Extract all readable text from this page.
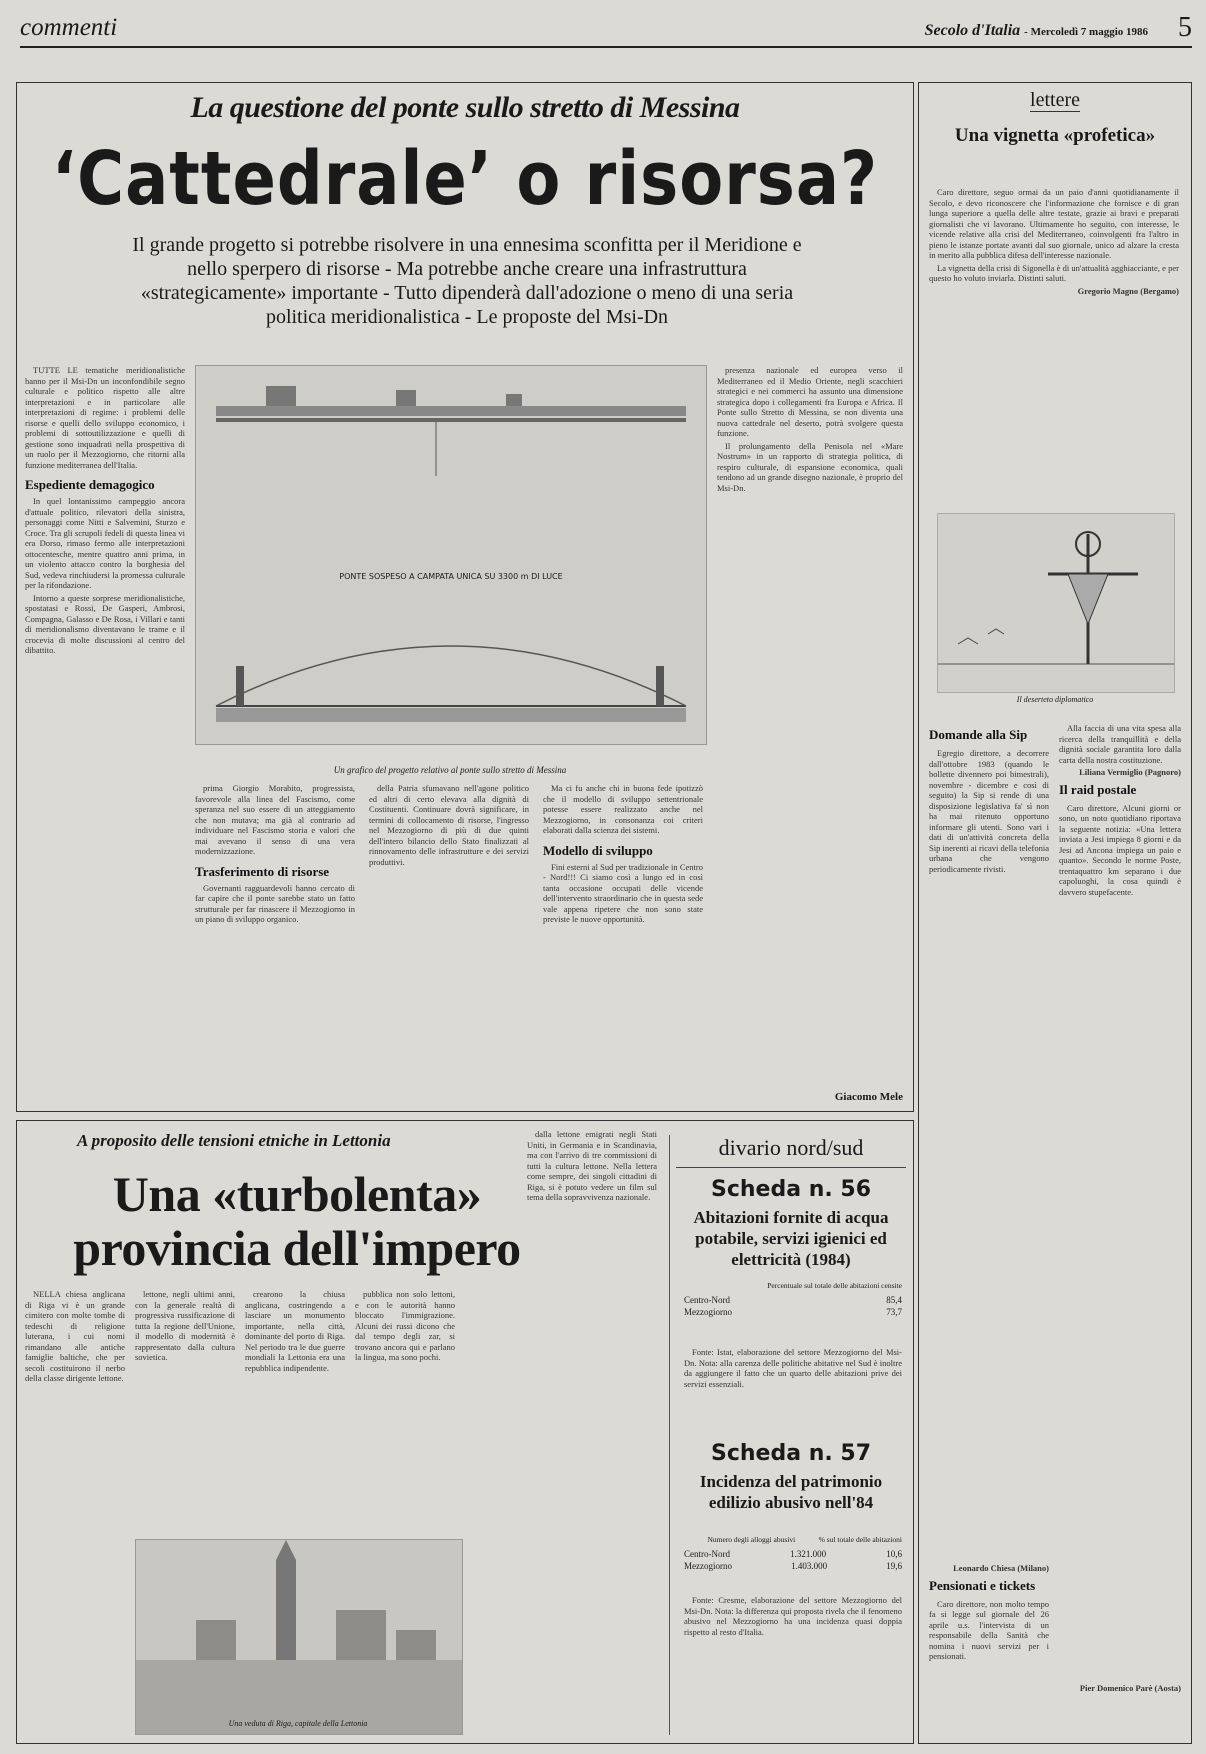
commenti	Secolo d'Italia - Mercoledì 7 maggio 1986 5
La questione del ponte sullo stretto di Messina
‘Cattedrale’ o risorsa?
Il grande progetto si potrebbe risolvere in una ennesima sconfitta per il Meridione e nello sperpero di risorse - Ma potrebbe anche creare una infrastruttura «strategicamente» importante - Tutto dipenderà dall'adozione o meno di una seria politica meridionalistica - Le proposte del Msi-Dn

TUTTE LE tematiche meridionalistiche hanno per il Msi-Dn un inconfondibile segno culturale e politico rispetto alle altre interpretazioni e in particolare alle interpretazioni di regime: i problemi delle risorse e quelli dello sviluppo economico, i problemi di sottoutilizzazione e quelli di gestione sono inquadrati nella prospettiva di un ruolo per il Mezzogiorno, che ritorni alla funzione mediterranea dell'Italia.

Espediente demagogico

In quel lontanissimo campeggio ancora d'attuale politico, rilevatori della sinistra, personaggi come Nitti e Salvemini, Sturzo e Croce. Tra gli scrupoli fedeli di questa linea vi era Dorso, rimaso fermo alle interpretazioni ottocentesche, mentre quattro anni prima, in un violento attacco contro la borghesia del Sud, vedeva rinchiudersi la promessa culturale per la rifondazione.

Intorno a queste sorprese meridionalistiche, spostatasi e Rossi, De Gasperi, Ambrosi, Compagna, Galasso e De Rosa, i Villari e tanti di meridionalismo diventavano le trame e il crocevia di molte discussioni al centro del dibattito.

PONTE SOSPESO A CAMPATA UNICA SU 3300 m DI LUCE
Un grafico del progetto relativo al ponte sullo stretto di Messina

prima Giorgio Morabito, progressista, favorevole alla linea del Fascismo, come speranza nel suo essere di un atteggiamento che non mutava; ma già al contrario ad individuare nel Fascismo storia e valori che mai avevano il senso di una vera modernizzazione.

Trasferimento di risorse

Governanti ragguardevoli hanno cercato di far capire che il ponte sarebbe stato un fatto strutturale per far rinascere il Mezzogiorno in un piano di sviluppo organico.

della Patria sfumavano nell'agone politico ed altri di certo elevava alla dignità di Costituenti. Continuare dovrà significare, in termini di collocamento di risorse, l'ingresso nel Mezzogiorno di più di due quinti dell'intero bilancio dello Stato finalizzati al rinnovamento delle infrastrutture e dei servizi produttivi.

Ma ci fu anche chi in buona fede ipotizzò che il modello di sviluppo settentrionale potesse essere realizzato anche nel Mezzogiorno, in consonanza coi criteri elaborati dalla scienza dei sistemi.

Modello di sviluppo

Fini esterni al Sud per tradizionale in Centro - Nord!!! Ci siamo così a lungo ed in così tanta occasione occupati delle vicende dell'intervento straordinario che in questa sede vale appena ripetere che non sono state previste le nuove opportunità.

presenza nazionale ed europea verso il Mediterraneo ed il Medio Oriente, negli scacchieri strategici e nei commerci ha assunto una dimensione strategica dopo i collegamenti fra Europa e Africa. Il Ponte sullo Stretto di Messina, se non diventa una nuova cattedrale nel deserto, potrà svolgere questa funzione.

Il prolungamento della Penisola nel «Mare Nostrum» in un rapporto di strategia politica, di respiro culturale, di espansione economica, quali tendono ad un grande disegno nazionale, è proprio del Msi-Dn.

Giacomo Mele
lettere
Una vignetta «profetica»

Caro direttore, seguo ormai da un paio d'anni quotidianamente il Secolo, e devo riconoscere che l'informazione che fornisce e di gran lunga superiore a quella delle altre testate, grazie ai bravi e preparati giornalisti che vi lavorano. Ultimamente ho seguito, con interesse, le vicende relative alla crisi del Mediterraneo, coinvolgenti fra l'altro in pieno le istanze portate avanti dal suo giornale, unico ad alzare la cresta in merito alla pubblica difesa dell'interesse nazionale.

La vignetta della crisi di Sigonella è di un'attualità agghiacciante, e per questo ho voluto inviarla. Distinti saluti.

Gregorio Magno (Bergamo)
Il deserteto diplomatico
Domande alla Sip

Egregio direttore, a decorrere dall'ottobre 1983 (quando le bollette divennero poi bimestrali), novembre - dicembre e così di seguito) la Sip si rende di una disposizione legislativa fa' sì non ha mai ritenuto opportuno informare gli utenti. Sono vari i dati di un'attività concreta della Sip inerenti ai ricavi della telefonia urbana che vengono periodicamente rivisti.

Alla faccia di una vita spesa alla ricerca della tranquillità e della dignità sociale garantita loro dalla carta della nostra costituzione.

Liliana Vermiglio (Pagnoro)
Il raid postale

Caro direttore, Alcuni giorni or sono, un noto quotidiano riportava la seguente notizia: «Una lettera inviata a Jesi impiega 8 giorni e da Jesi ad Ancona impiega un paio e quanto». Secondo le norme Poste, trentaquattro km separano i due capoluoghi, la cosa quindi è davvero stupefacente.

Leonardo Chiesa (Milano)
Pensionati e tickets

Caro direttore, non molto tempo fa si legge sul giornale del 26 aprile u.s. l'intervista di un responsabile della Sanità che nomina i nuovi servizi per i pensionati.

Pier Domenico Parè (Aosta)
A proposito delle tensioni etniche in Lettonia
Una «turbolenta» provincia dell'impero

NELLA chiesa anglicana di Riga vi è un grande cimitero con molte tombe di tedeschi di religione luterana, i cui nomi rimandano alle antiche famiglie baltiche, che per secoli costituirono il nerbo della classe dirigente lettone.

lettone, negli ultimi anni, con la generale realtà di progressiva russificazione di tutta la regione dell'Unione, il modello di modernità è rappresentato dalla cultura sovietica.

crearono la chiusa anglicana, costringendo a lasciare un monumento importante, nella città, dominante del porto di Riga. Nel periodo tra le due guerre mondiali la Lettonia era una repubblica indipendente.

pubblica non solo lettoni, e con le autorità hanno bloccato l'immigrazione. Alcuni dei russi dicono che dal tempo degli zar, si trovano ancora qui e parlano la lingua, ma sono pochi.

dalla lettone emigrati negli Stati Uniti, in Germania e in Scandinavia, ma con l'arrivo di tre commissioni di tutti la cultura lettone. Nella lettera come sempre, dei singoli cittadini di Riga, si è potuto vedere un film sul tema della sopravvivenza nazionale.

Una veduta di Riga, capitale della Lettonia
divario nord/sud
Scheda n. 56
Abitazioni fornite di acqua potabile, servizi igienici ed elettricità (1984)
Percentuale sul totale delle abitazioni censite
Centro-Nord	85,4
Mezzogiorno	73,7

Fonte: Istat, elaborazione del settore Mezzogiorno del Msi-Dn. Nota: alla carenza delle politiche abitative nel Sud è inoltre da aggiungere il fatto che un quarto delle abitazioni prive dei servizi essenziali.

Scheda n. 57
Incidenza del patrimonio edilizio abusivo nell'84
Numero degli alloggi abusivi	% sul totale delle abitazioni
Centro-Nord	1.321.000	10,6
Mezzogiorno	1.403.000	19,6

Fonte: Cresme, elaborazione del settore Mezzogiorno del Msi-Dn. Nota: la differenza qui proposta rivela che il fenomeno abusivo nel Mezzogiorno ha una incidenza quasi doppia rispetto al resto d'Italia.
